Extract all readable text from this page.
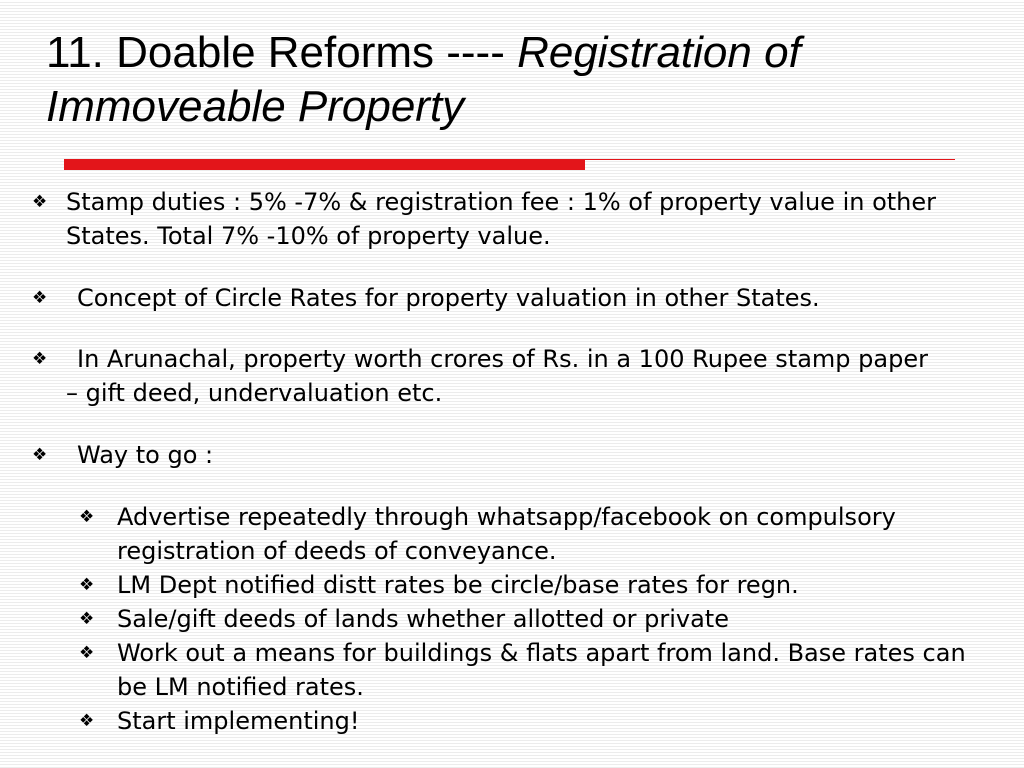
11. Doable Reforms ---- Registration of Immoveable Property

❖ Stamp duties : 5% -7% & registration fee : 1% of property value in other States. Total 7% -10% of property value.

❖ Concept of Circle Rates for property valuation in other States.

❖ In Arunachal, property worth crores of Rs. in a 100 Rupee stamp paper – gift deed, undervaluation etc.

❖ Way to go :

❖ Advertise repeatedly through whatsapp/facebook on compulsory registration of deeds of conveyance.

❖ LM Dept notified distt rates be circle/base rates for regn.

❖ Sale/gift deeds of lands whether allotted or private

❖ Work out a means for buildings & flats apart from land. Base rates can be LM notified rates.

❖ Start implementing!
